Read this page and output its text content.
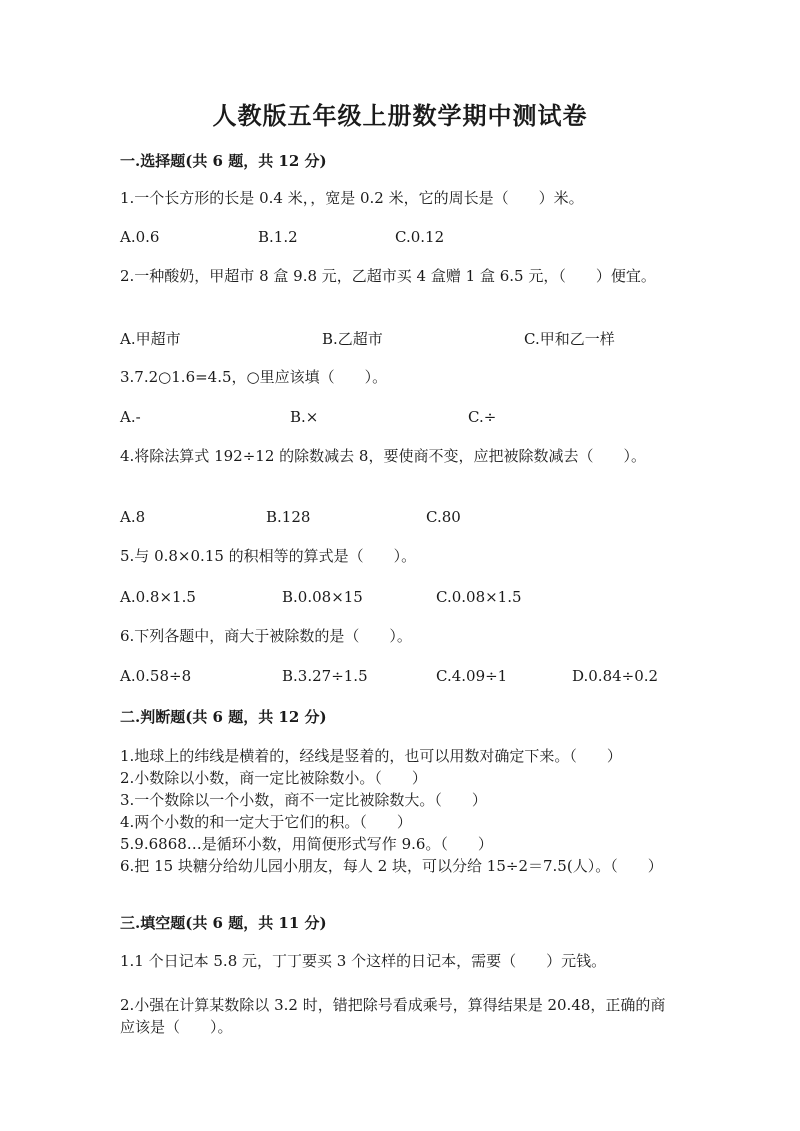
人教版五年级上册数学期中测试卷
一.选择题(共 6 题，共 12 分)
1.一个长方形的长是 0.4 米，，宽是 0.2 米，它的周长是（　　）米。
A.0.6	B.1.2	C.0.12
2.一种酸奶，甲超市 8 盒 9.8 元，乙超市买 4 盒赠 1 盒 6.5 元，（　　）便宜。
A.甲超市	B.乙超市	C.甲和乙一样
3.7.2○1.6=4.5，○里应该填（　　）。
A.-	B.×	C.÷
4.将除法算式 192÷12 的除数减去 8，要使商不变，应把被除数减去（　　）。
A.8	B.128	C.80
5.与 0.8×0.15 的积相等的算式是（　　）。
A.0.8×1.5	B.0.08×15	C.0.08×1.5
6.下列各题中，商大于被除数的是（　　）。
A.0.58÷8	B.3.27÷1.5	C.4.09÷1	D.0.84÷0.2
二.判断题(共 6 题，共 12 分)
1.地球上的纬线是横着的，经线是竖着的，也可以用数对确定下来。（　　）
2.小数除以小数，商一定比被除数小。（　　）
3.一个数除以一个小数，商不一定比被除数大。（　　）
4.两个小数的和一定大于它们的积。（　　）
5.9.6868…是循环小数，用简便形式写作 9.6。（　　）
6.把 15 块糖分给幼儿园小朋友，每人 2 块，可以分给 15÷2＝7.5(人）。（　　）
三.填空题(共 6 题，共 11 分)
1.1 个日记本 5.8 元，丁丁要买 3 个这样的日记本，需要（　　）元钱。
2.小强在计算某数除以 3.2 时，错把除号看成乘号，算得结果是 20.48，正确的商应该是（　　）。
